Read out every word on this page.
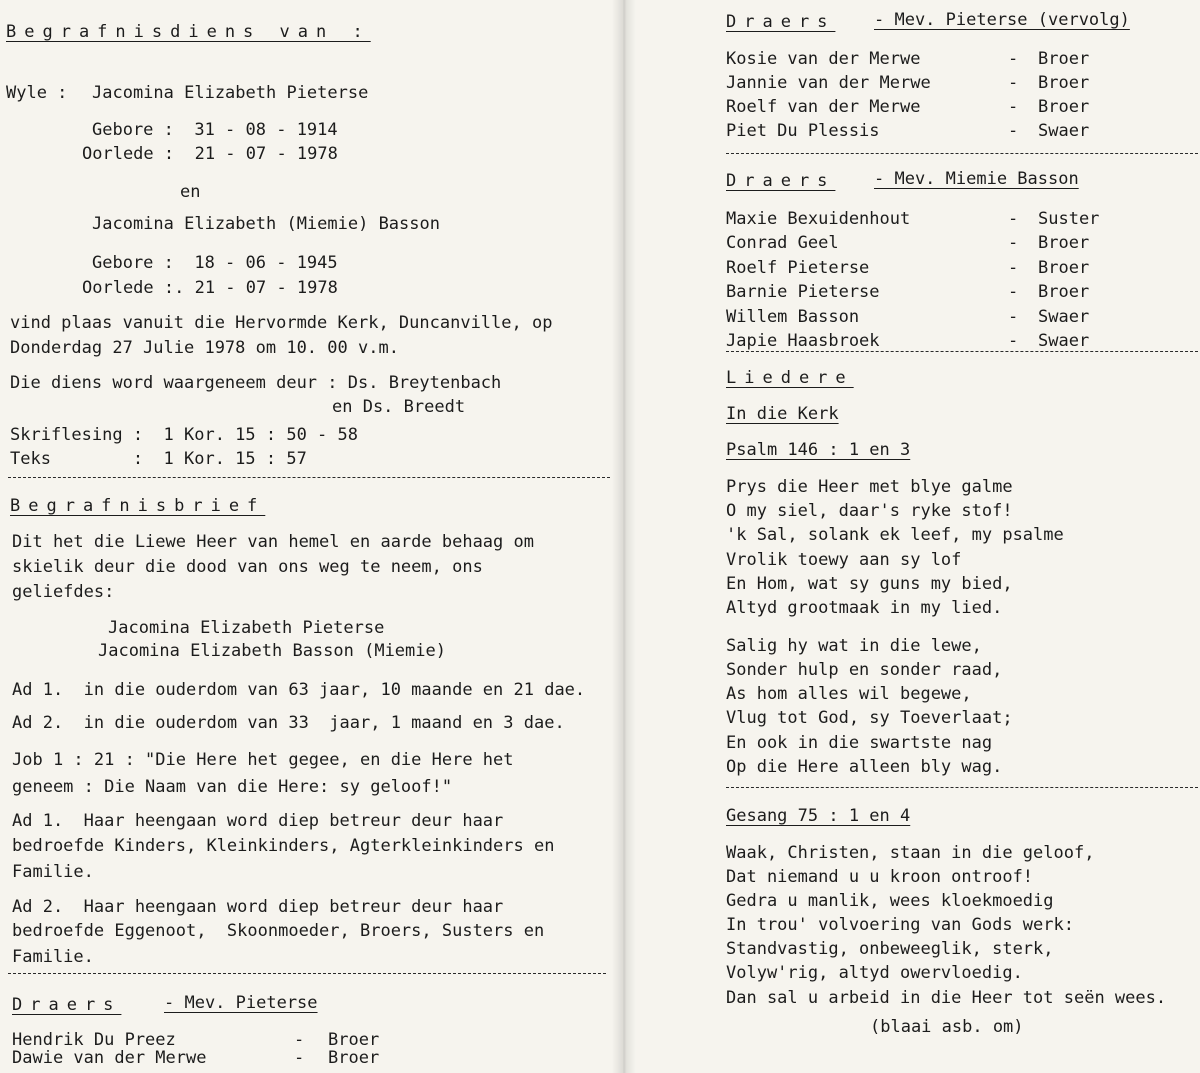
Begrafnisdiens van :
Wyle : Jacomina Elizabeth Pieterse
Gebore :  31 - 08 - 1914
Oorlede :  21 - 07 - 1978
en
Jacomina Elizabeth (Miemie) Basson
Gebore :  18 - 06 - 1945
Oorlede :. 21 - 07 - 1978
vind plaas vanuit die Hervormde Kerk, Duncanville, op
Donderdag 27 Julie 1978 om 10. 00 v.m.
Die diens word waargeneem deur : Ds. Breytenbach
en Ds. Breedt
Skriflesing :  1 Kor. 15 : 50 - 58
Teks        :  1 Kor. 15 : 57
Begrafnisbrief
Dit het die Liewe Heer van hemel en aarde behaag om
skielik deur die dood van ons weg te neem, ons
geliefdes:
Jacomina Elizabeth Pieterse
Jacomina Elizabeth Basson (Miemie)
Ad 1.  in die ouderdom van 63 jaar, 10 maande en 21 dae.
Ad 2.  in die ouderdom van 33  jaar, 1 maand en 3 dae.
Job 1 : 21 : "Die Here het gegee, en die Here het
geneem : Die Naam van die Here: sy geloof!"
Ad 1.  Haar heengaan word diep betreur deur haar
bedroefde Kinders, Kleinkinders, Agterkleinkinders en
Familie.
Ad 2.  Haar heengaan word diep betreur deur haar
bedroefde Eggenoot,  Skoonmoeder, Broers, Susters en
Familie.
Draers	- Mev. Pieterse
Hendrik Du Preez	- Broer
Dawie van der Merwe	- Broer
Draers - Mev. Pieterse (vervolg)
Kosie van der Merwe	- Broer
Jannie van der Merwe	- Broer
Roelf van der Merwe	- Broer
Piet Du Plessis	- Swaer
Draers - Mev. Miemie Basson
Maxie Bexuidenhout	- Suster
Conrad Geel	- Broer
Roelf Pieterse	- Broer
Barnie Pieterse	- Broer
Willem Basson	- Swaer
Japie Haasbroek	- Swaer
Liedere
In die Kerk
Psalm 146 : 1 en 3
Prys die Heer met blye galme
O my siel, daar's ryke stof!
'k Sal, solank ek leef, my psalme
Vrolik toewy aan sy lof
En Hom, wat sy guns my bied,
Altyd grootmaak in my lied.
Salig hy wat in die lewe,
Sonder hulp en sonder raad,
As hom alles wil begewe,
Vlug tot God, sy Toeverlaat;
En ook in die swartste nag
Op die Here alleen bly wag.
Gesang 75 : 1 en 4
Waak, Christen, staan in die geloof,
Dat niemand u u kroon ontroof!
Gedra u manlik, wees kloekmoedig
In trou' volvoering van Gods werk:
Standvastig, onbeweeglik, sterk,
Volyw'rig, altyd owervloedig.
Dan sal u arbeid in die Heer tot seën wees.
(blaai asb. om)
